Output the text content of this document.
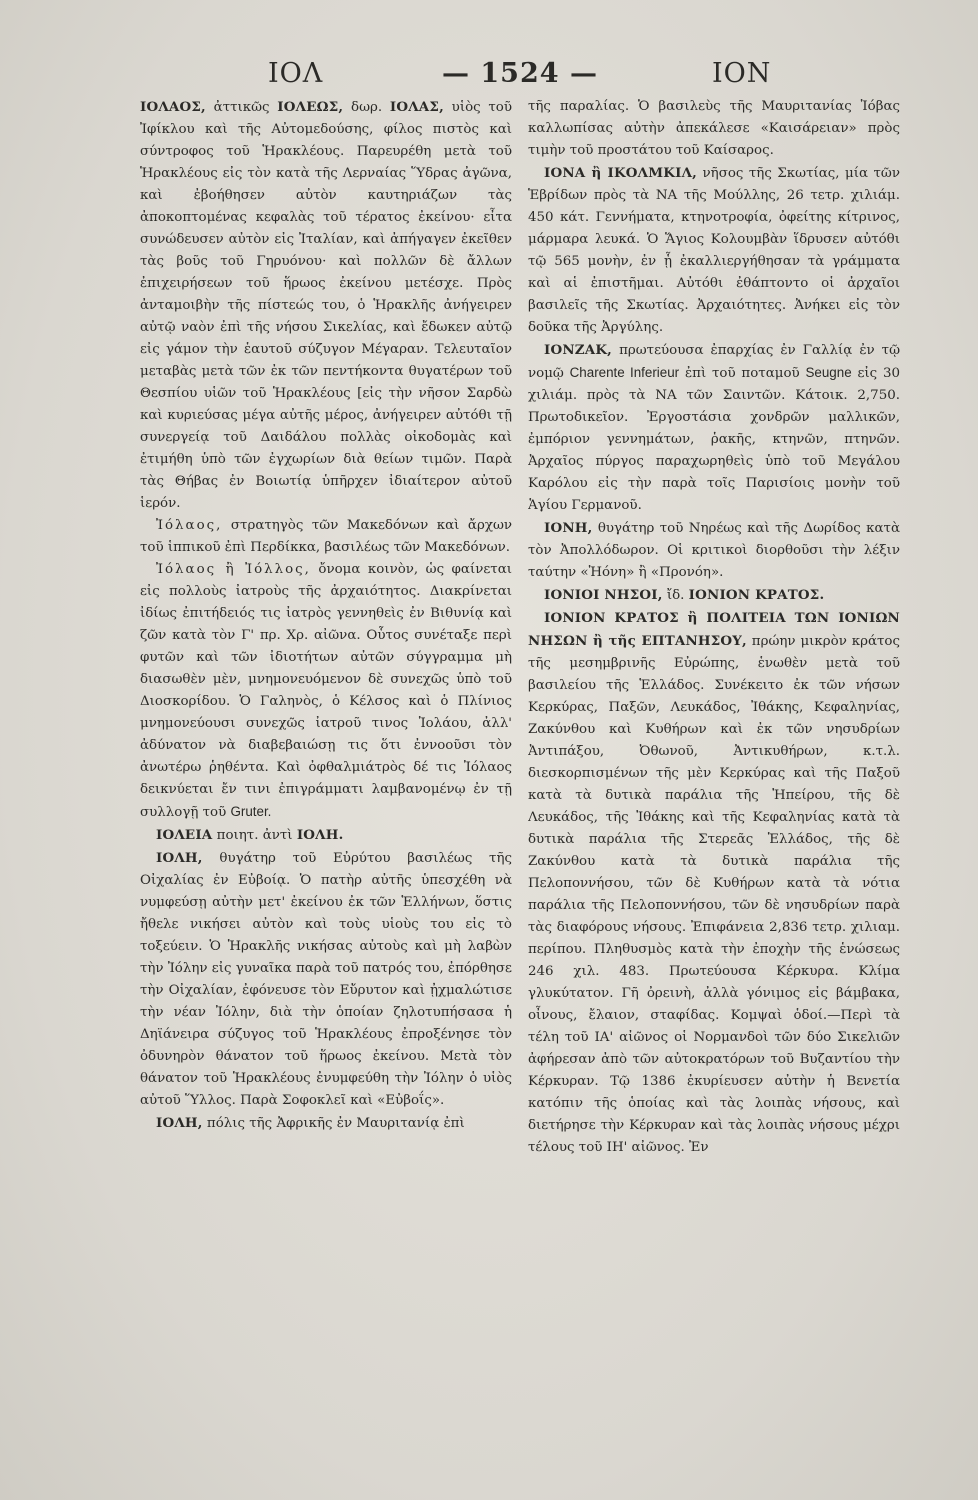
ΙΟΛ	— 1524 —	ΙΟΝ

ΙΟΛΑΟΣ, ἀττικῶς ΙΟΛΕΩΣ, δωρ. ΙΟΛΑΣ, υἱὸς τοῦ Ἰφίκλου καὶ τῆς Αὐτομεδούσης, φίλος πιστὸς καὶ σύντροφος τοῦ Ἡρακλέους. Παρευρέθη μετὰ τοῦ Ἡρακλέους εἰς τὸν κατὰ τῆς Λερναίας Ὕδρας ἀγῶνα, καὶ ἐβοήθησεν αὐτὸν καυτηριάζων τὰς ἀποκοπτομένας κεφαλὰς τοῦ τέρατος ἐκείνου· εἶτα συνώδευσεν αὐτὸν εἰς Ἰταλίαν, καὶ ἀπήγαγεν ἐκεῖθεν τὰς βοῦς τοῦ Γηρυόνου· καὶ πολλῶν δὲ ἄλλων ἐπιχειρήσεων τοῦ ἥρωος ἐκείνου μετέσχε. Πρὸς ἀνταμοιβὴν τῆς πίστεώς του, ὁ Ἡρακλῆς ἀνήγειρεν αὐτῷ ναὸν ἐπὶ τῆς νήσου Σικελίας, καὶ ἔδωκεν αὐτῷ εἰς γάμον τὴν ἑαυτοῦ σύζυγον Μέγαραν. Τελευταῖον μεταβὰς μετὰ τῶν ἐκ τῶν πεντήκοντα θυγατέρων τοῦ Θεσπίου υἱῶν τοῦ Ἡρακλέους [εἰς τὴν νῆσον Σαρδὼ καὶ κυριεύσας μέγα αὐτῆς μέρος, ἀνήγειρεν αὐτόθι τῇ συνεργείᾳ τοῦ Δαιδάλου πολλὰς οἰκοδομὰς καὶ ἐτιμήθη ὑπὸ τῶν ἐγχωρίων διὰ θείων τιμῶν. Παρὰ τὰς Θήβας ἐν Βοιωτίᾳ ὑπῆρχεν ἰδιαίτερον αὐτοῦ ἱερόν.

Ἰόλαος, στρατηγὸς τῶν Μακεδόνων καὶ ἄρχων τοῦ ἱππικοῦ ἐπὶ Περδίκκα, βασιλέως τῶν Μακεδόνων.

Ἰόλαος ἢ Ἰόλλος, ὄνομα κοινὸν, ὡς φαίνεται εἰς πολλοὺς ἰατροὺς τῆς ἀρχαιότητος. Διακρίνεται ἰδίως ἐπιτήδειός τις ἰατρὸς γεννηθεὶς ἐν Βιθυνίᾳ καὶ ζῶν κατὰ τὸν Γ' πρ. Χρ. αἰῶνα. Οὗτος συνέταξε περὶ φυτῶν καὶ τῶν ἰδιοτήτων αὐτῶν σύγγραμμα μὴ διασωθὲν μὲν, μνημονευόμενον δὲ συνεχῶς ὑπὸ τοῦ Διοσκορίδου. Ὁ Γαληνὸς, ὁ Κέλσος καὶ ὁ Πλίνιος μνημονεύουσι συνεχῶς ἰατροῦ τινος Ἰολάου, ἀλλ' ἀδύνατον νὰ διαβεβαιώσῃ τις ὅτι ἐννοοῦσι τὸν ἀνωτέρω ῥηθέντα. Καὶ ὀφθαλμιάτρὸς δέ τις Ἰόλαος δεικνύεται ἔν τινι ἐπιγράμματι λαμβανομένῳ ἐν τῇ συλλογῇ τοῦ Gruter.

ΙΟΛΕΙΑ ποιητ. ἀντὶ ΙΟΛΗ.

ΙΟΛΗ, θυγάτηρ τοῦ Εὐρύτου βασιλέως τῆς Οἰχαλίας ἐν Εὐβοίᾳ. Ὁ πατὴρ αὐτῆς ὑπεσχέθη νὰ νυμφεύσῃ αὐτὴν μετ' ἐκείνου ἐκ τῶν Ἑλλήνων, ὅστις ἤθελε νικήσει αὐτὸν καὶ τοὺς υἱοὺς του εἰς τὸ τοξεύειν. Ὁ Ἡρακλῆς νικήσας αὐτοὺς καὶ μὴ λαβὼν τὴν Ἰόλην εἰς γυναῖκα παρὰ τοῦ πατρός του, ἐπόρθησε τὴν Οἰχαλίαν, ἐφόνευσε τὸν Εὔρυτον καὶ ᾐχμαλώτισε τὴν νέαν Ἰόλην, διὰ τὴν ὁποίαν ζηλοτυπήσασα ἡ Δηϊάνειρα σύζυγος τοῦ Ἡρακλέους ἐπροξένησε τὸν ὀδυνηρὸν θάνατον τοῦ ἥρωος ἐκείνου. Μετὰ τὸν θάνατον τοῦ Ἡρακλέους ἐνυμφεύθη τὴν Ἰόλην ὁ υἱὸς αὐτοῦ Ὕλλος. Παρὰ Σοφοκλεῖ καὶ «Εὐβοΐς».

ΙΟΛΗ, πόλις τῆς Ἀφρικῆς ἐν Μαυριτανίᾳ ἐπὶ

τῆς παραλίας. Ὁ βασιλεὺς τῆς Μαυριτανίας Ἰόβας καλλωπίσας αὐτὴν ἀπεκάλεσε «Καισάρειαν» πρὸς τιμὴν τοῦ προστάτου τοῦ Καίσαρος.

ΙΟΝΑ ἢ ΙΚΟΛΜΚΙΛ, νῆσος τῆς Σκωτίας, μία τῶν Ἑβρίδων πρὸς τὰ ΝΑ τῆς Μούλλης, 26 τετρ. χιλιάμ. 450 κάτ. Γεννήματα, κτηνοτροφία, ὀφείτης κίτρινος, μάρμαρα λευκά. Ὁ Ἅγιος Κολουμβὰν ἵδρυσεν αὐτόθι τῷ 565 μονὴν, ἐν ᾗ ἐκαλλιεργήθησαν τὰ γράμματα καὶ αἱ ἐπιστῆμαι. Αὐτόθι ἐθάπτοντο οἱ ἀρχαῖοι βασιλεῖς τῆς Σκωτίας. Ἀρχαιότητες. Ἀνήκει εἰς τὸν δοῦκα τῆς Ἀργύλης.

ΙΟΝΖΑΚ, πρωτεύουσα ἐπαρχίας ἐν Γαλλίᾳ ἐν τῷ νομῷ Charente Inferieur ἐπὶ τοῦ ποταμοῦ Seugne εἰς 30 χιλιάμ. πρὸς τὰ ΝΑ τῶν Σαιντῶν. Κάτοικ. 2,750. Πρωτοδικεῖον. Ἐργοστάσια χονδρῶν μαλλικῶν, ἐμπόριον γεννημάτων, ῥακῆς, κτηνῶν, πτηνῶν. Ἀρχαῖος πύργος παραχωρηθεὶς ὑπὸ τοῦ Μεγάλου Καρόλου εἰς τὴν παρὰ τοῖς Παρισίοις μονὴν τοῦ Ἁγίου Γερμανοῦ.

ΙΟΝΗ, θυγάτηρ τοῦ Νηρέως καὶ τῆς Δωρίδος κατὰ τὸν Ἀπολλόδωρον. Οἱ κριτικοὶ διορθοῦσι τὴν λέξιν ταύτην «Ἠόνη» ἢ «Προνόη».

ΙΟΝΙΟΙ ΝΗΣΟΙ, ἴδ. ΙΟΝΙΟΝ ΚΡΑΤΟΣ.

ΙΟΝΙΟΝ ΚΡΑΤΟΣ ἢ ΠΟΛΙΤΕΙΑ ΤΩΝ ΙΟΝΙΩΝ ΝΗΣΩΝ ἢ τῆς ΕΠΤΑΝΗΣΟΥ, πρώην μικρὸν κράτος τῆς μεσημβρινῆς Εὐρώπης, ἑνωθὲν μετὰ τοῦ βασιλείου τῆς Ἑλλάδος. Συνέκειτο ἐκ τῶν νήσων Κερκύρας, Παξῶν, Λευκάδος, Ἰθάκης, Κεφαληνίας, Ζακύνθου καὶ Κυθήρων καὶ ἐκ τῶν νησυδρίων Ἀντιπάξου, Ὀθωνοῦ, Ἀντικυθήρων, κ.τ.λ. διεσκορπισμένων τῆς μὲν Κερκύρας καὶ τῆς Παξοῦ κατὰ τὰ δυτικὰ παράλια τῆς Ἠπείρου, τῆς δὲ Λευκάδος, τῆς Ἰθάκης καὶ τῆς Κεφαληνίας κατὰ τὰ δυτικὰ παράλια τῆς Στερεᾶς Ἑλλάδος, τῆς δὲ Ζακύνθου κατὰ τὰ δυτικὰ παράλια τῆς Πελοποννήσου, τῶν δὲ Κυθήρων κατὰ τὰ νότια παράλια τῆς Πελοποννήσου, τῶν δὲ νησυδρίων παρὰ τὰς διαφόρους νήσους. Ἐπιφάνεια 2,836 τετρ. χιλιαμ. περίπου. Πληθυσμὸς κατὰ τὴν ἐποχὴν τῆς ἑνώσεως 246 χιλ. 483. Πρωτεύουσα Κέρκυρα. Κλίμα γλυκύτατον. Γῆ ὀρεινὴ, ἀλλὰ γόνιμος εἰς βάμβακα, οἶνους, ἔλαιον, σταφίδας. Κομψαὶ ὁδοί.—Περὶ τὰ τέλη τοῦ ΙΑ' αἰῶνος οἱ Νορμανδοὶ τῶν δύο Σικελιῶν ἀφήρεσαν ἀπὸ τῶν αὐτοκρατόρων τοῦ Βυζαντίου τὴν Κέρκυραν. Τῷ 1386 ἐκυρίευσεν αὐτὴν ἡ Βενετία κατόπιν τῆς ὁποίας καὶ τὰς λοιπὰς νήσους, καὶ διετήρησε τὴν Κέρκυραν καὶ τὰς λοιπὰς νήσους μέχρι τέλους τοῦ ΙΗ' αἰῶνος. Ἐν
